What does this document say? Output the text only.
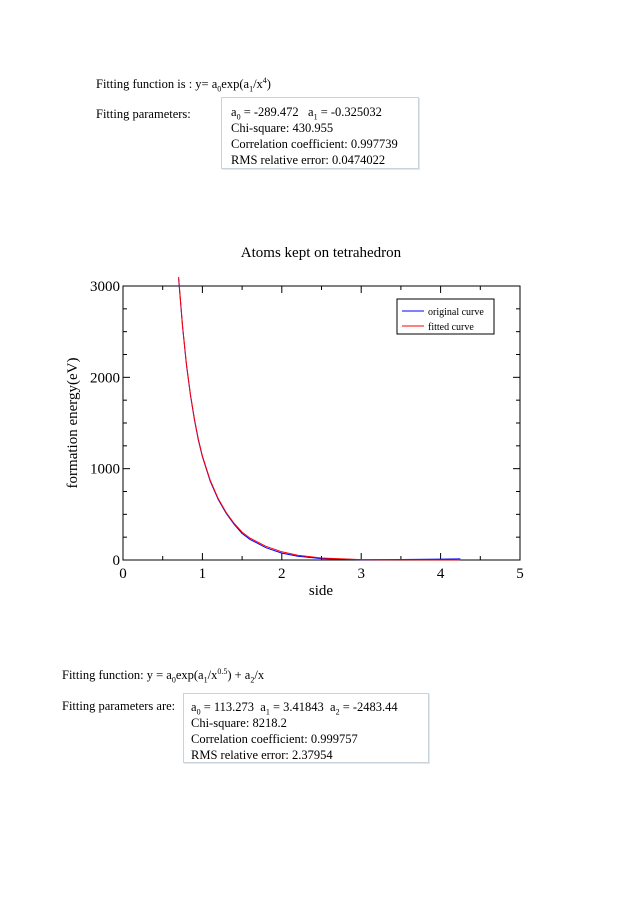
Fitting function is : $y= a_0\exp(a_1/x^4)$
Fitting parameters:	$a_0 = -289.472$ $a_1 = -0.325032$
Chi-square: 430.955
Correlation coefficient: 0.997739
RMS relative error: 0.0474022
Atoms kept on tetrahedron
0	1	2	3	4	5
0
1000
2000
3000
side
formation energy(eV)
original curve
fitted curve
Fitting function: $y = a_0\exp(a_1/x^{0.5}) + a_2/x$
Fitting parameters are: $a_0 = 113.273$ $a_1 = 3.41843$ $a_2 = -2483.44$
Chi-square: 8218.2
Correlation coefficient: 0.999757
RMS relative error: 2.37954
